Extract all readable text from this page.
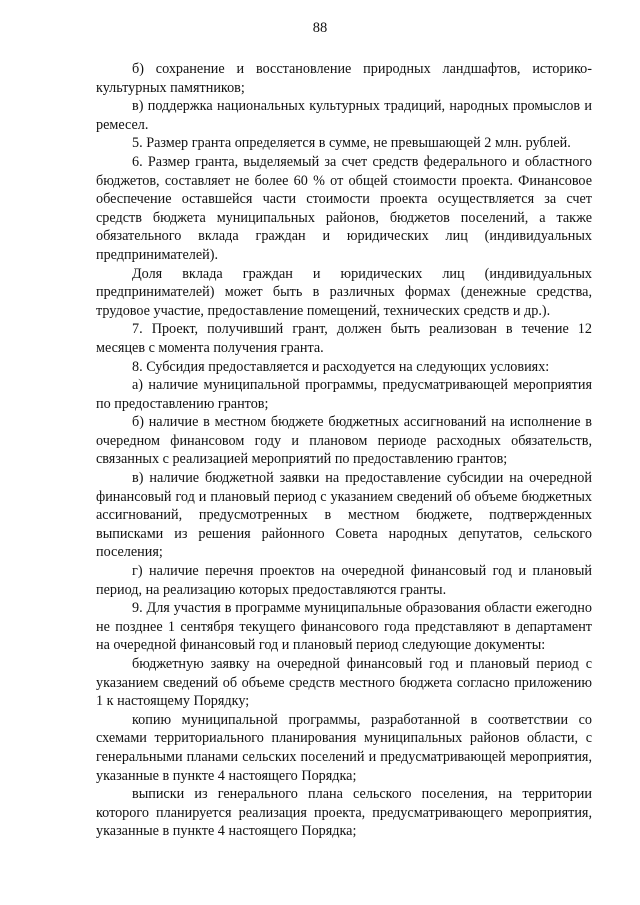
88

б) сохранение и восстановление природных ландшафтов, историко-культурных памятников;

в) поддержка национальных культурных традиций, народных промыслов и ремесел.

5. Размер гранта определяется в сумме, не превышающей 2 млн. рублей.

6. Размер гранта, выделяемый за счет средств федерального и областного бюджетов, составляет не более 60 % от общей стоимости проекта. Финансовое обеспечение оставшейся части стоимости проекта осуществляется за счет средств бюджета муниципальных районов, бюджетов поселений, а также обязательного вклада граждан и юридических лиц (индивидуальных предпринимателей).

Доля вклада граждан и юридических лиц (индивидуальных предпринимателей) может быть в различных формах (денежные средства, трудовое участие, предоставление помещений, технических средств и др.).

7. Проект, получивший грант, должен быть реализован в течение 12 месяцев с момента получения гранта.

8. Субсидия предоставляется и расходуется на следующих условиях:

а) наличие муниципальной программы, предусматривающей мероприятия по предоставлению грантов;

б) наличие в местном бюджете бюджетных ассигнований на исполнение в очередном финансовом году и плановом периоде расходных обязательств, связанных с реализацией мероприятий по предоставлению грантов;

в) наличие бюджетной заявки на предоставление субсидии на очередной финансовый год и плановый период с указанием сведений об объеме бюджетных ассигнований, предусмотренных в местном бюджете, подтвержденных выписками из решения районного Совета народных депутатов, сельского поселения;

г) наличие перечня проектов на очередной финансовый год и плановый период, на реализацию которых предоставляются гранты.

9. Для участия в программе муниципальные образования области ежегодно не позднее 1 сентября текущего финансового года представляют в департамент на очередной финансовый год и плановый период следующие документы:

бюджетную заявку на очередной финансовый год и плановый период с указанием сведений об объеме средств местного бюджета согласно приложению 1 к настоящему Порядку;

копию муниципальной программы, разработанной в соответствии со схемами территориального планирования муниципальных районов области, с генеральными планами сельских поселений и предусматривающей мероприятия, указанные в пункте 4 настоящего Порядка;

выписки из генерального плана сельского поселения, на территории которого планируется реализация проекта, предусматривающего мероприятия, указанные в пункте 4 настоящего Порядка;
